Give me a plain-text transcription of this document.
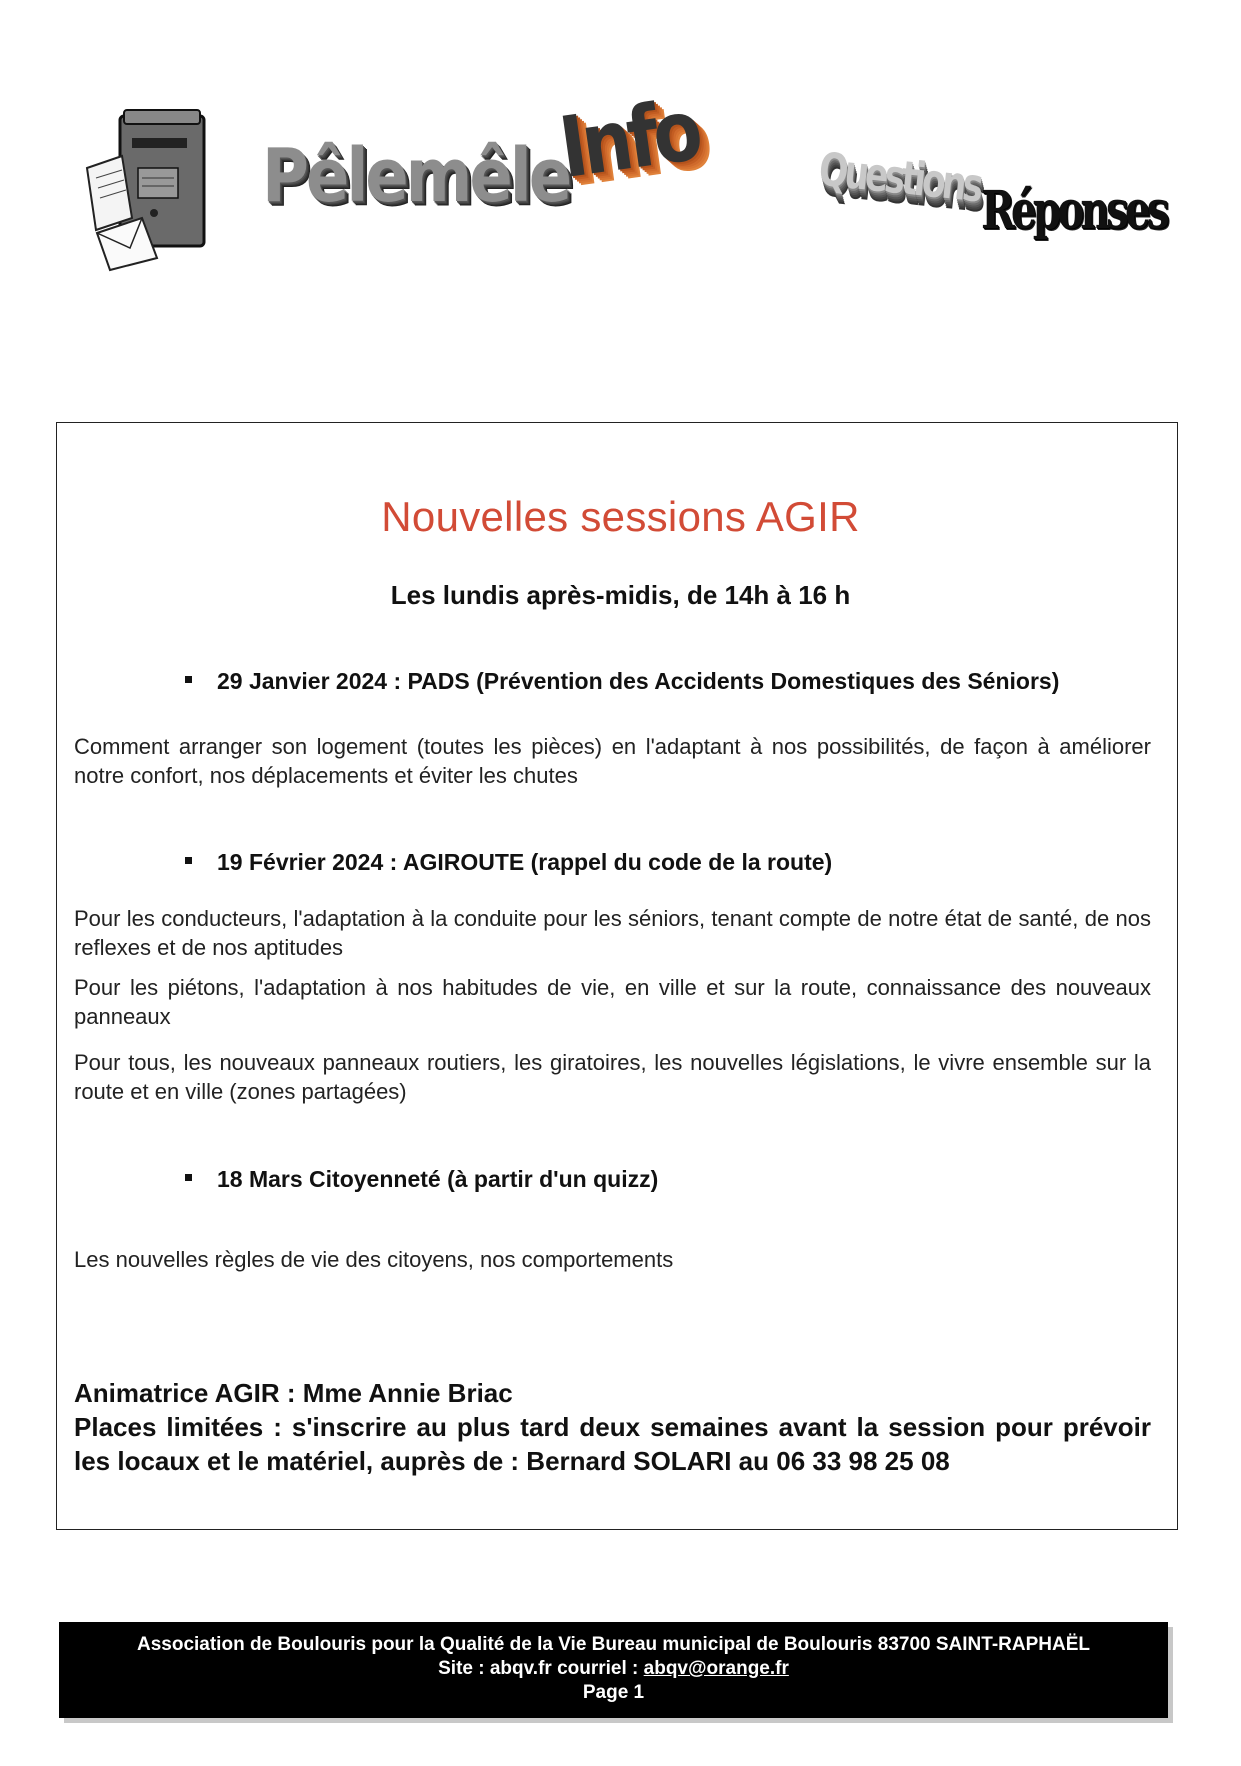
Pêlemêle
Info Questions
Réponses
Nouvelles sessions AGIR
Les lundis après-midis, de 14h à 16 h
29 Janvier 2024 : PADS (Prévention des Accidents Domestiques des Séniors)
Comment arranger son logement (toutes les pièces) en l'adaptant à nos possibilités, de façon à améliorer notre confort, nos déplacements et éviter les chutes
19 Février 2024 : AGIROUTE (rappel du code de la route)
Pour les conducteurs, l'adaptation à la conduite pour les séniors, tenant compte de notre état de santé, de nos reflexes et de nos aptitudes
Pour les piétons, l'adaptation à nos habitudes de vie, en ville et sur la route, connaissance des nouveaux panneaux
Pour tous, les nouveaux panneaux routiers, les giratoires, les nouvelles législations, le vivre ensemble sur la route et en ville (zones partagées)
18 Mars Citoyenneté (à partir d'un quizz)
Les nouvelles règles de vie des citoyens, nos comportements
Animatrice AGIR : Mme Annie Briac
Places limitées : s'inscrire au plus tard deux semaines avant la session pour prévoir les locaux et le matériel, auprès de : Bernard SOLARI au 06 33 98 25 08
Association de Boulouris pour la Qualité de la Vie Bureau municipal de Boulouris 83700 SAINT-RAPHAËL
Site : abqv.fr courriel : abqv@orange.fr
Page 1
